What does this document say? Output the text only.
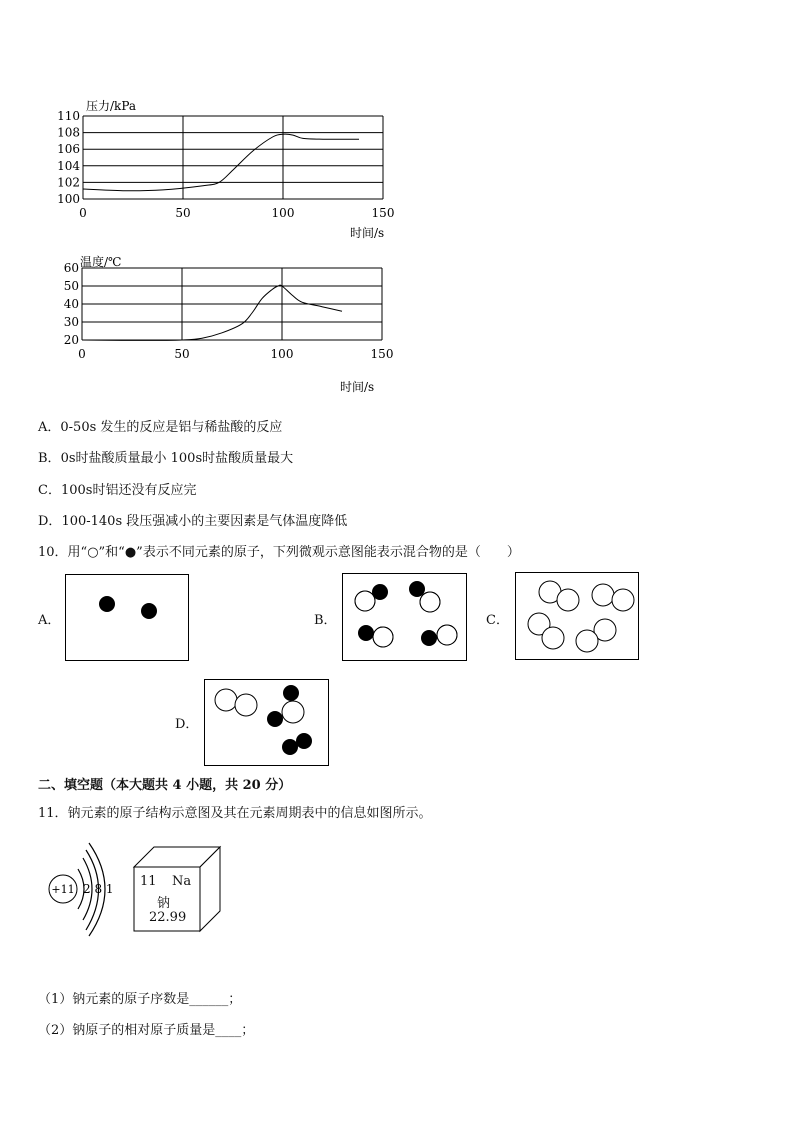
压力/kPa
100
102
104
106
108
110
0	50	100	150
时间/s
温度/℃
20
30
40
50
60
0	50	100	150
时间/s
A．0-50s 发生的反应是铝与稀盐酸的反应
B．0s时盐酸质量最小 100s时盐酸质量最大
C．100s时铝还没有反应完
D．100-140s 段压强减小的主要因素是气体温度降低
10．用“○”和“●”表示不同元素的原子，下列微观示意图能表示混合物的是（　　）
A．	B．	C．
D．
二、填空题（本大题共 4 小题，共 20 分）
11．钠元素的原子结构示意图及其在元素周期表中的信息如图所示。
+11 2 8 1 11 Na
钠
22.99
（1）钠元素的原子序数是______；
（2）钠原子的相对原子质量是____；
